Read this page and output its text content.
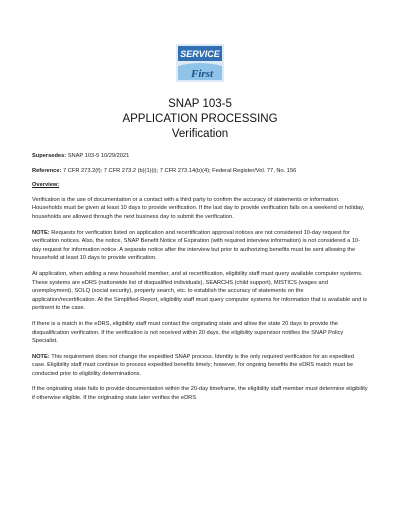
SERVICE
First
SNAP 103-5
APPLICATION PROCESSING
Verification
Supersedes: SNAP 103-5 10/29/2021
Reference: 7 CFR 273.2(f); 7 CFR 273.2 (b)(1)(i); 7 CFR 273.14(b)(4); Federal Register/Vol. 77, No. 156
Overview:

Verification is the use of documentation or a contact with a third party to confirm the accuracy of statements or information. Households must be given at least 10 days to provide verification. If the last day to provide verification falls on a weekend or holiday, households are allowed through the next business day to submit the verification.

NOTE: Requests for verification listed on application and recertification approval notices are not considered 10-day request for verification notices. Also, the notice, SNAP Benefit Notice of Expiration (with required interview information) is not considered a 10-day request for information notice. A separate notice after the interview but prior to authorizing benefits must be sent allowing the household at least 10 days to provide verification.

At application, when adding a new household member, and at recertification, eligibility staff must query available computer systems. These systems are eDRS (nationwide list of disqualified individuals), SEARCHS (child support), MISTICS (wages and unemployment), SOLQ (social security), property search, etc. to establish the accuracy of statements on the application/recertification. At the Simplified Report, eligibility staff must query computer systems for information that is available and is pertinent to the case.

If there is a match in the eDRS, eligibility staff must contact the originating state and allow the state 20 days to provide the disqualification verification. If the verification is not received within 20 days, the eligibility supervisor notifies the SNAP Policy Specialist.

NOTE: This requirement does not change the expedited SNAP process. Identity is the only required verification for an expedited case. Eligibility staff must continue to process expedited benefits timely; however, for ongoing benefits the eDRS match must be conducted prior to eligibility determinations.

If the originating state fails to provide documentation within the 20-day timeframe, the eligibility staff member must determine eligibility if otherwise eligible. If the originating state later verifies the eDRS
